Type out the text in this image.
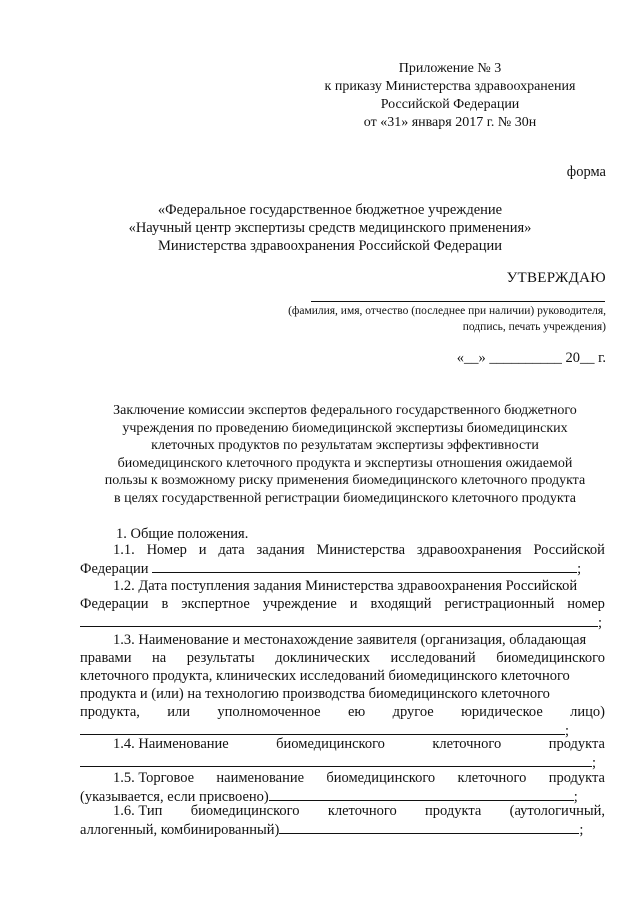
Приложение № 3
к приказу Министерства здравоохранения
Российской Федерации
от «31» января 2017 г. № 30н
форма
«Федеральное государственное бюджетное учреждение
«Научный центр экспертизы средств медицинского применения»
Министерства здравоохранения Российской Федерации
УТВЕРЖДАЮ
(фамилия, имя, отчество (последнее при наличии) руководителя,
подпись, печать учреждения)
«__» __________ 20__ г.
Заключение комиссии экспертов федерального государственного бюджетного
учреждения по проведению биомедицинской экспертизы биомедицинских
клеточных продуктов по результатам экспертизы эффективности
биомедицинского клеточного продукта и экспертизы отношения ожидаемой
пользы к возможному риску применения биомедицинского клеточного продукта
в целях государственной регистрации биомедицинского клеточного продукта
1. Общие положения.
1.1. Номер и дата задания Министерства здравоохранения Российской
Федерации	;
1.2. Дата поступления задания Министерства здравоохранения Российской
Федерации в экспертное учреждение и входящий регистрационный номер
;
1.3. Наименование и местонахождение заявителя (организация, обладающая
правами на результаты доклинических исследований биомедицинского
клеточного продукта, клинических исследований биомедицинского клеточного
продукта и (или) на технологию производства биомедицинского клеточного
продукта, или уполномоченное ею другое юридическое лицо)
;
1.4. Наименование	биомедицинского	клеточного	продукта
;
1.5. Торговое наименование биомедицинского клеточного продукта
(указывается, если присвоено)	;
1.6. Тип биомедицинского клеточного продукта (аутологичный,
аллогенный, комбинированный)	;
